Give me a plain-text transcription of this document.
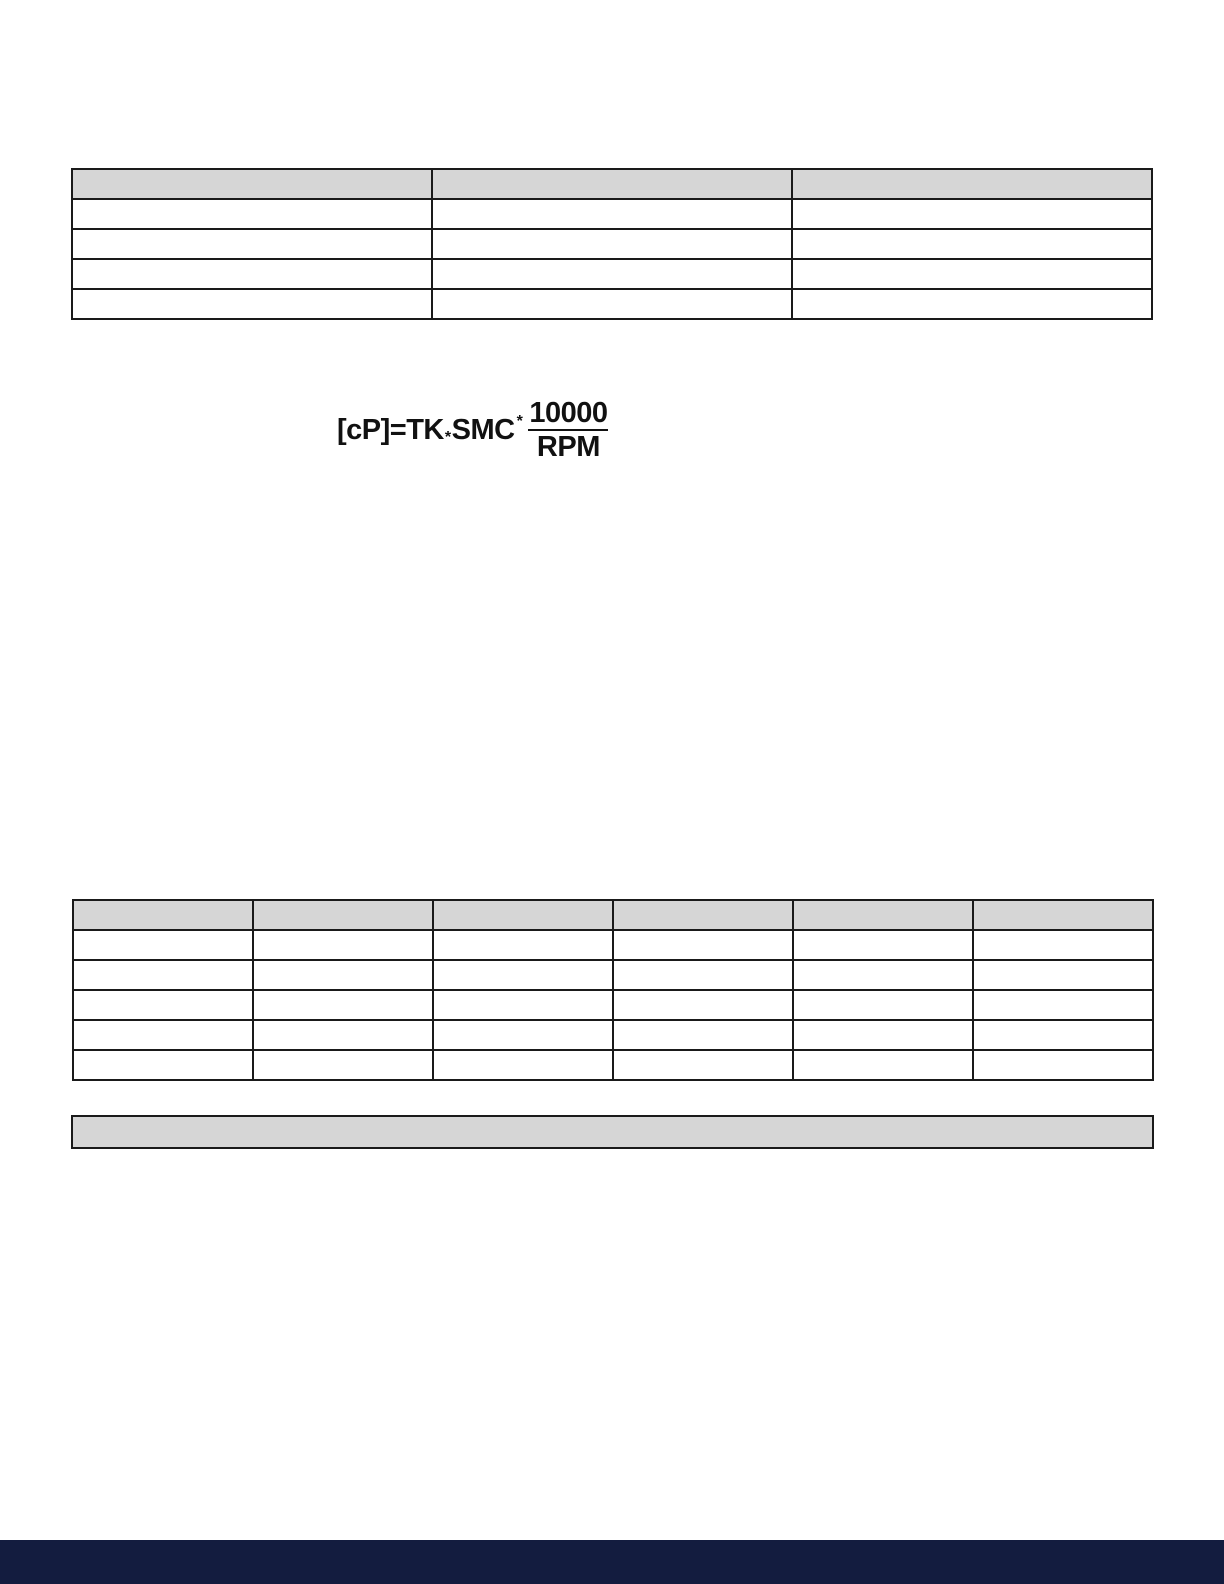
[cP]=TK * SMC * $\frac{10000}{\text{RPM}}$
